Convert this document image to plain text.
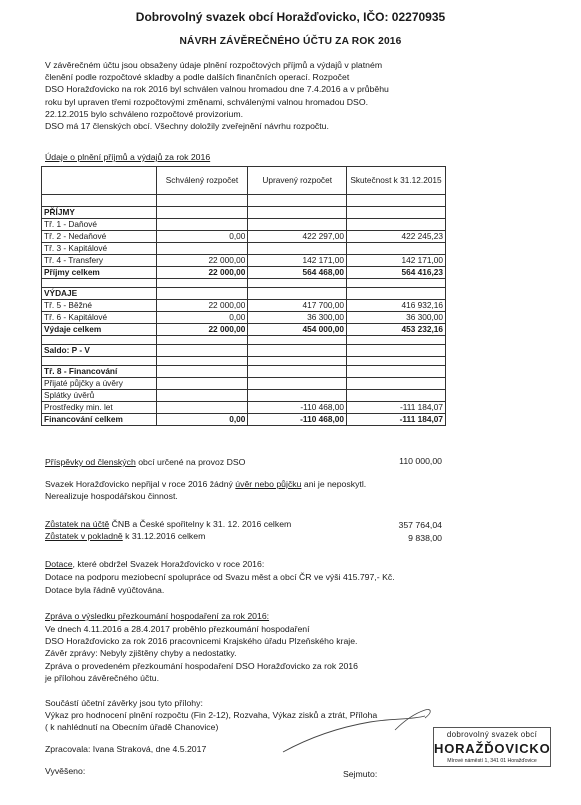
Dobrovolný svazek obcí Horažďovicko, IČO: 02270935
NÁVRH ZÁVĚREČNÉHO ÚČTU ZA ROK 2016
V závěrečném účtu jsou obsaženy údaje plnění rozpočtových příjmů a výdajů v platném
členění podle rozpočtové skladby a podle dalších finančních operací. Rozpočet
DSO Horažďovicko na rok 2016 byl schválen valnou hromadou dne 7.4.2016 a v průběhu
roku byl upraven třemi rozpočtovými změnami, schválenými valnou hromadou DSO.
22.12.2015 bylo schváleno rozpočtové provizorium.
DSO má 17 členských obcí. Všechny doložily zveřejnění návrhu rozpočtu.
Údaje o plnění příjmů a výdajů za rok 2016
	Schválený rozpočet	Upravený rozpočet	Skutečnost k 31.12.2015

PŘÍJMY			
Tř. 1 - Daňové			
Tř. 2 - Nedaňové	0,00	422 297,00	422 245,23
Tř. 3 - Kapitálové			
Tř. 4 - Transfery	22 000,00	142 171,00	142 171,00
Příjmy celkem	22 000,00	564 468,00	564 416,23

VÝDAJE			
Tř. 5 - Běžné	22 000,00	417 700,00	416 932,16
Tř. 6 - Kapitálové	0,00	36 300,00	36 300,00
Výdaje celkem	22 000,00	454 000,00	453 232,16

Saldo: P - V			

Tř. 8 - Financování			
Přijaté půjčky a úvěry			
Splátky úvěrů			
Prostředky min. let		-110 468,00	-111 184,07
Financování celkem	0,00	-110 468,00	-111 184,07
Příspěvky od členských obcí určené na provoz DSO	110 000,00
Svazek Horažďovicko nepřijal v roce 2016 žádný úvěr nebo půjčku ani je neposkytl.
Nerealizuje hospodářskou činnost.
Zůstatek na účtě ČNB a České spořitelny k 31. 12. 2016 celkem	357 764,04
Zůstatek v pokladně k 31.12.2016 celkem	9 838,00
Dotace, které obdržel Svazek Horažďovicko v roce 2016:
Dotace na podporu meziobecní spolupráce od Svazu měst a obcí ČR ve výši 415.797,- Kč.
Dotace byla řádně vyúčtována.
Zpráva o výsledku přezkoumání hospodaření za rok 2016:
Ve dnech 4.11.2016 a 28.4.2017 proběhlo přezkoumání hospodaření
DSO Horažďovicko za rok 2016 pracovnicemi Krajského úřadu Plzeňského kraje.
Závěr zprávy: Nebyly zjištěny chyby a nedostatky.
Zpráva o provedeném přezkoumání hospodaření DSO Horažďovicko za rok 2016
je přílohou závěrečného účtu.
Součástí účetní závěrky jsou tyto přílohy:
Výkaz pro hodnocení plnění rozpočtu (Fin 2-12), Rozvaha, Výkaz zisků a ztrát, Příloha
( k nahlédnutí na Obecním úřadě Chanovice)
Zpracovala: Ivana Straková, dne 4.5.2017
Vyvěšeno:	Sejmuto:
dobrovolný svazek obcí
HORAŽĎOVICKO
Mírové náměstí 1, 341 01 Horažďovice
